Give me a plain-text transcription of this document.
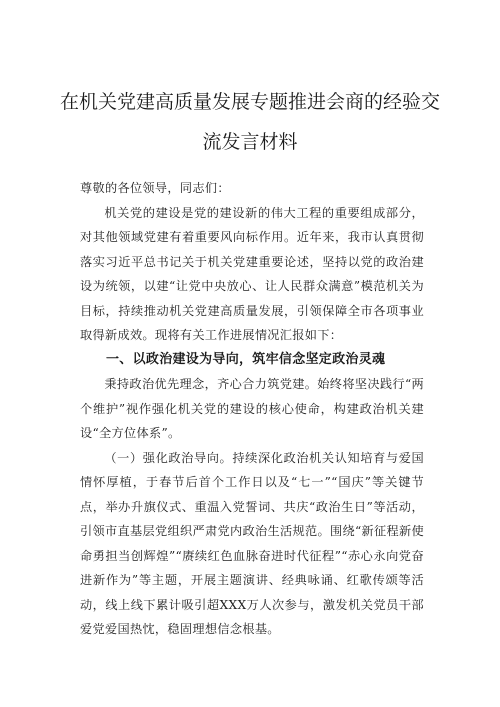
在机关党建高质量发展专题推进会商的经验交流发言材料

尊敬的各位领导，同志们：

机关党的建设是党的建设新的伟大工程的重要组成部分，对其他领域党建有着重要风向标作用。近年来，我市认真贯彻落实习近平总书记关于机关党建重要论述，坚持以党的政治建设为统领，以建“让党中央放心、让人民群众满意”模范机关为目标，持续推动机关党建高质量发展，引领保障全市各项事业取得新成效。现将有关工作进展情况汇报如下：

一、以政治建设为导向，筑牢信念坚定政治灵魂

秉持政治优先理念，齐心合力筑党建。始终将坚决践行“两个维护”视作强化机关党的建设的核心使命，构建政治机关建设“全方位体系”。

（一）强化政治导向。持续深化政治机关认知培育与爱国情怀厚植，于春节后首个工作日以及“七一”“国庆”等关键节点，举办升旗仪式、重温入党誓词、共庆“政治生日”等活动，引领市直基层党组织严肃党内政治生活规范。围绕“新征程新使命勇担当创辉煌”“赓续红色血脉奋进时代征程”“赤心永向党奋进新作为”等主题，开展主题演讲、经典咏诵、红歌传颂等活动，线上线下累计吸引超XXX万人次参与，激发机关党员干部爱党爱国热忱，稳固理想信念根基。
